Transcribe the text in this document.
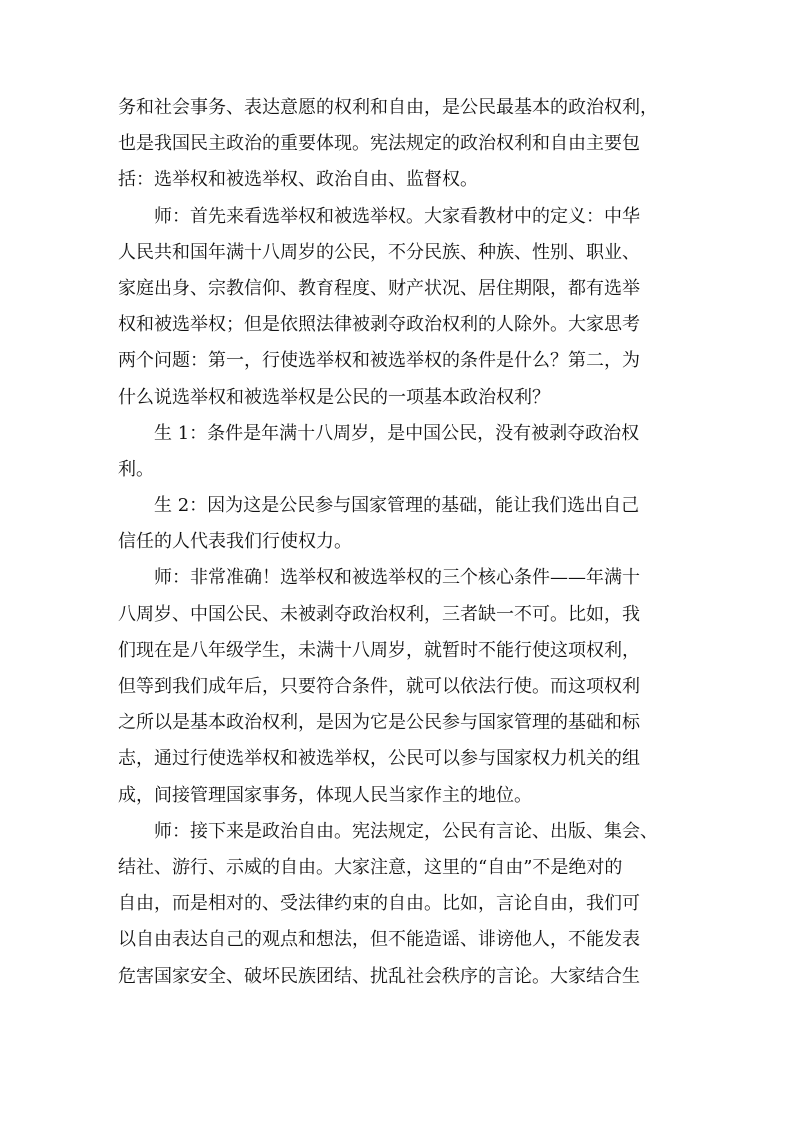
务和社会事务、表达意愿的权利和自由，是公民最基本的政治权利，
也是我国民主政治的重要体现。宪法规定的政治权利和自由主要包
括：选举权和被选举权、政治自由、监督权。
　师：首先来看选举权和被选举权。大家看教材中的定义：中华
人民共和国年满十八周岁的公民，不分民族、种族、性别、职业、
家庭出身、宗教信仰、教育程度、财产状况、居住期限，都有选举
权和被选举权；但是依照法律被剥夺政治权利的人除外。大家思考
两个问题：第一，行使选举权和被选举权的条件是什么？第二，为
什么说选举权和被选举权是公民的一项基本政治权利？
　生 1：条件是年满十八周岁，是中国公民，没有被剥夺政治权
利。
　生 2：因为这是公民参与国家管理的基础，能让我们选出自己
信任的人代表我们行使权力。
　师：非常准确！选举权和被选举权的三个核心条件——年满十
八周岁、中国公民、未被剥夺政治权利，三者缺一不可。比如，我
们现在是八年级学生，未满十八周岁，就暂时不能行使这项权利，
但等到我们成年后，只要符合条件，就可以依法行使。而这项权利
之所以是基本政治权利，是因为它是公民参与国家管理的基础和标
志，通过行使选举权和被选举权，公民可以参与国家权力机关的组
成，间接管理国家事务，体现人民当家作主的地位。
　师：接下来是政治自由。宪法规定，公民有言论、出版、集会、
结社、游行、示威的自由。大家注意，这里的“自由”不是绝对的
自由，而是相对的、受法律约束的自由。比如，言论自由，我们可
以自由表达自己的观点和想法，但不能造谣、诽谤他人，不能发表
危害国家安全、破坏民族团结、扰乱社会秩序的言论。大家结合生
